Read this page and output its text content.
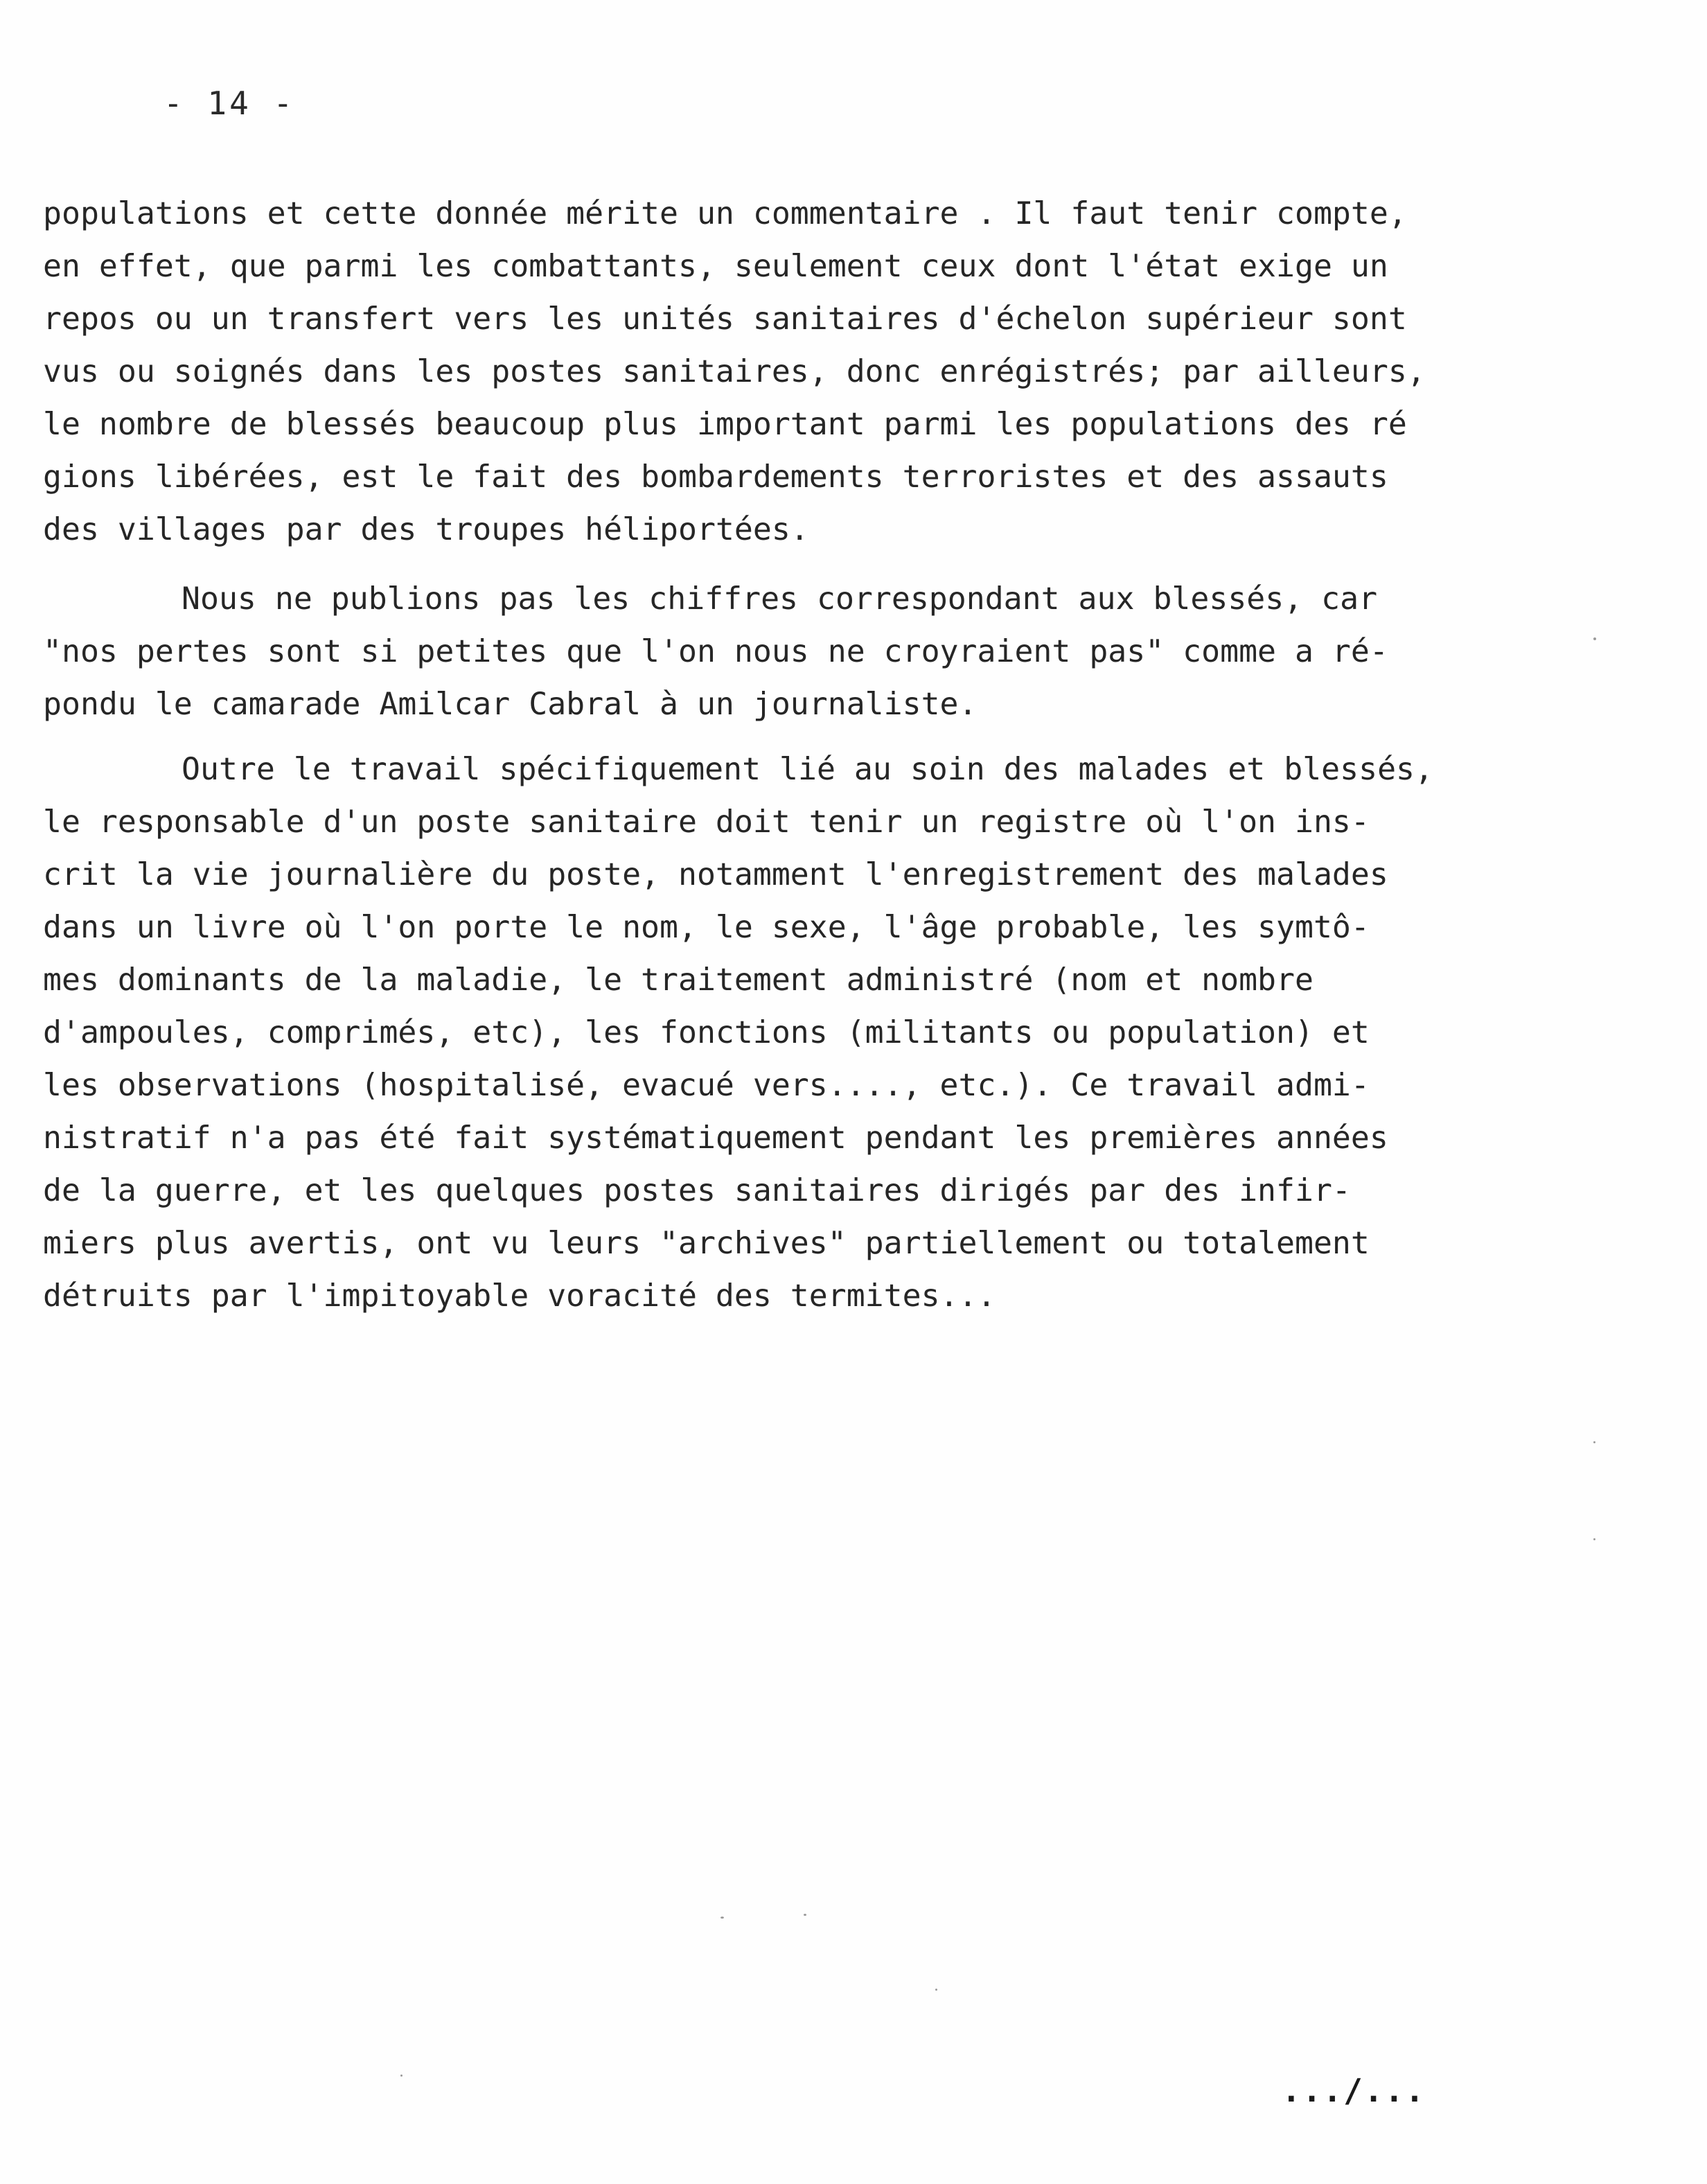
- 14 -
populations et cette donnée mérite un commentaire . Il faut tenir compte,
en effet, que parmi les combattants, seulement ceux dont l'état exige un
repos ou un transfert vers les unités sanitaires d'échelon supérieur sont
vus ou soignés dans les postes sanitaires, donc enrégistrés; par ailleurs,
le nombre de blessés beaucoup plus important parmi les populations des ré
gions libérées, est le fait des bombardements terroristes et des assauts
des villages par des troupes héliportées.
Nous ne publions pas les chiffres correspondant aux blessés, car
"nos pertes sont si petites que l'on nous ne croyraient pas" comme a ré-
pondu le camarade Amilcar Cabral à un journaliste.
Outre le travail spécifiquement lié au soin des malades et blessés,
le responsable d'un poste sanitaire doit tenir un registre où l'on ins-
crit la vie journalière du poste, notamment l'enregistrement des malades
dans un livre où l'on porte le nom, le sexe, l'âge probable, les symtô-
mes dominants de la maladie, le traitement administré (nom et nombre
d'ampoules, comprimés, etc), les fonctions (militants ou population) et
les observations (hospitalisé, evacué vers...., etc.). Ce travail admi-
nistratif n'a pas été fait systématiquement pendant les premières années
de la guerre, et les quelques postes sanitaires dirigés par des infir-
miers plus avertis, ont vu leurs "archives" partiellement ou totalement
détruits par l'impitoyable voracité des termites...
.../...
